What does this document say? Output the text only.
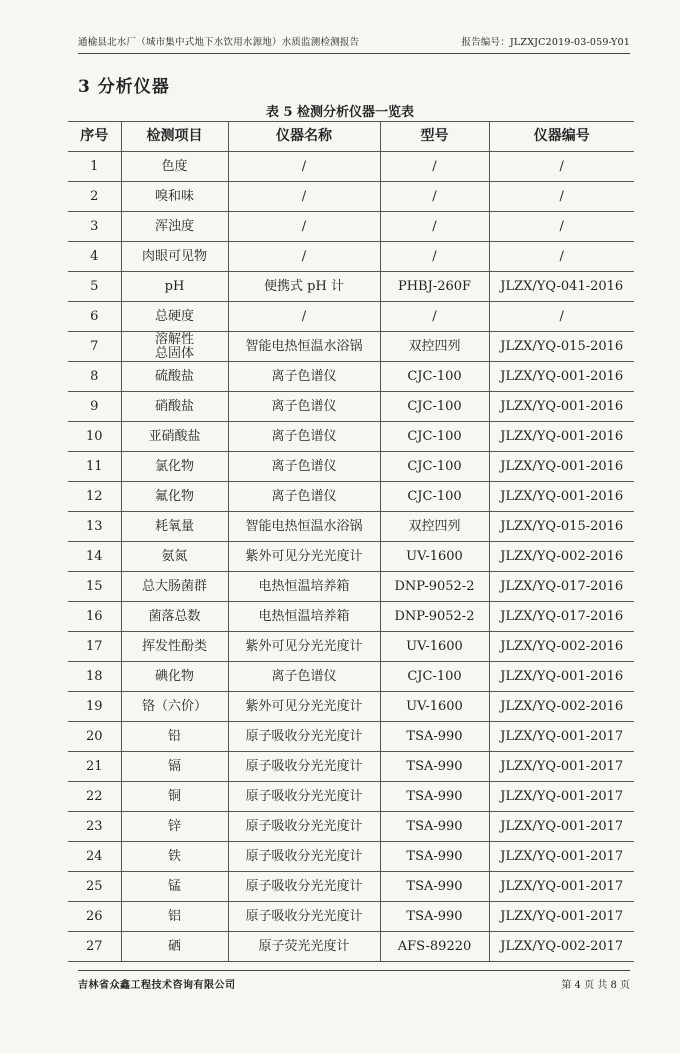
通榆县北水厂（城市集中式地下水饮用水源地）水质监测检测报告	报告编号：JLZXJC2019-03-059-Y01
3 分析仪器
表 5 检测分析仪器一览表
序号	检测项目	仪器名称	型号	仪器编号
1	色度	/	/	/
2	嗅和味	/	/	/
3	浑浊度	/	/	/
4	肉眼可见物	/	/	/
5	pH	便携式 pH 计	PHBJ-260F	JLZX/YQ-041-2016
6	总硬度	/	/	/
7	溶解性
总固体	智能电热恒温水浴锅	双控四列	JLZX/YQ-015-2016
8	硫酸盐	离子色谱仪	CJC-100	JLZX/YQ-001-2016
9	硝酸盐	离子色谱仪	CJC-100	JLZX/YQ-001-2016
10	亚硝酸盐	离子色谱仪	CJC-100	JLZX/YQ-001-2016
11	氯化物	离子色谱仪	CJC-100	JLZX/YQ-001-2016
12	氟化物	离子色谱仪	CJC-100	JLZX/YQ-001-2016
13	耗氧量	智能电热恒温水浴锅	双控四列	JLZX/YQ-015-2016
14	氨氮	紫外可见分光光度计	UV-1600	JLZX/YQ-002-2016
15	总大肠菌群	电热恒温培养箱	DNP-9052-2	JLZX/YQ-017-2016
16	菌落总数	电热恒温培养箱	DNP-9052-2	JLZX/YQ-017-2016
17	挥发性酚类	紫外可见分光光度计	UV-1600	JLZX/YQ-002-2016
18	碘化物	离子色谱仪	CJC-100	JLZX/YQ-001-2016
19	铬（六价）	紫外可见分光光度计	UV-1600	JLZX/YQ-002-2016
20	铅	原子吸收分光光度计	TSA-990	JLZX/YQ-001-2017
21	镉	原子吸收分光光度计	TSA-990	JLZX/YQ-001-2017
22	铜	原子吸收分光光度计	TSA-990	JLZX/YQ-001-2017
23	锌	原子吸收分光光度计	TSA-990	JLZX/YQ-001-2017
24	铁	原子吸收分光光度计	TSA-990	JLZX/YQ-001-2017
25	锰	原子吸收分光光度计	TSA-990	JLZX/YQ-001-2017
26	铝	原子吸收分光光度计	TSA-990	JLZX/YQ-001-2017
27	硒	原子荧光光度计	AFS-89220	JLZX/YQ-002-2017
吉林省众鑫工程技术咨询有限公司	第 4 页 共 8 页
